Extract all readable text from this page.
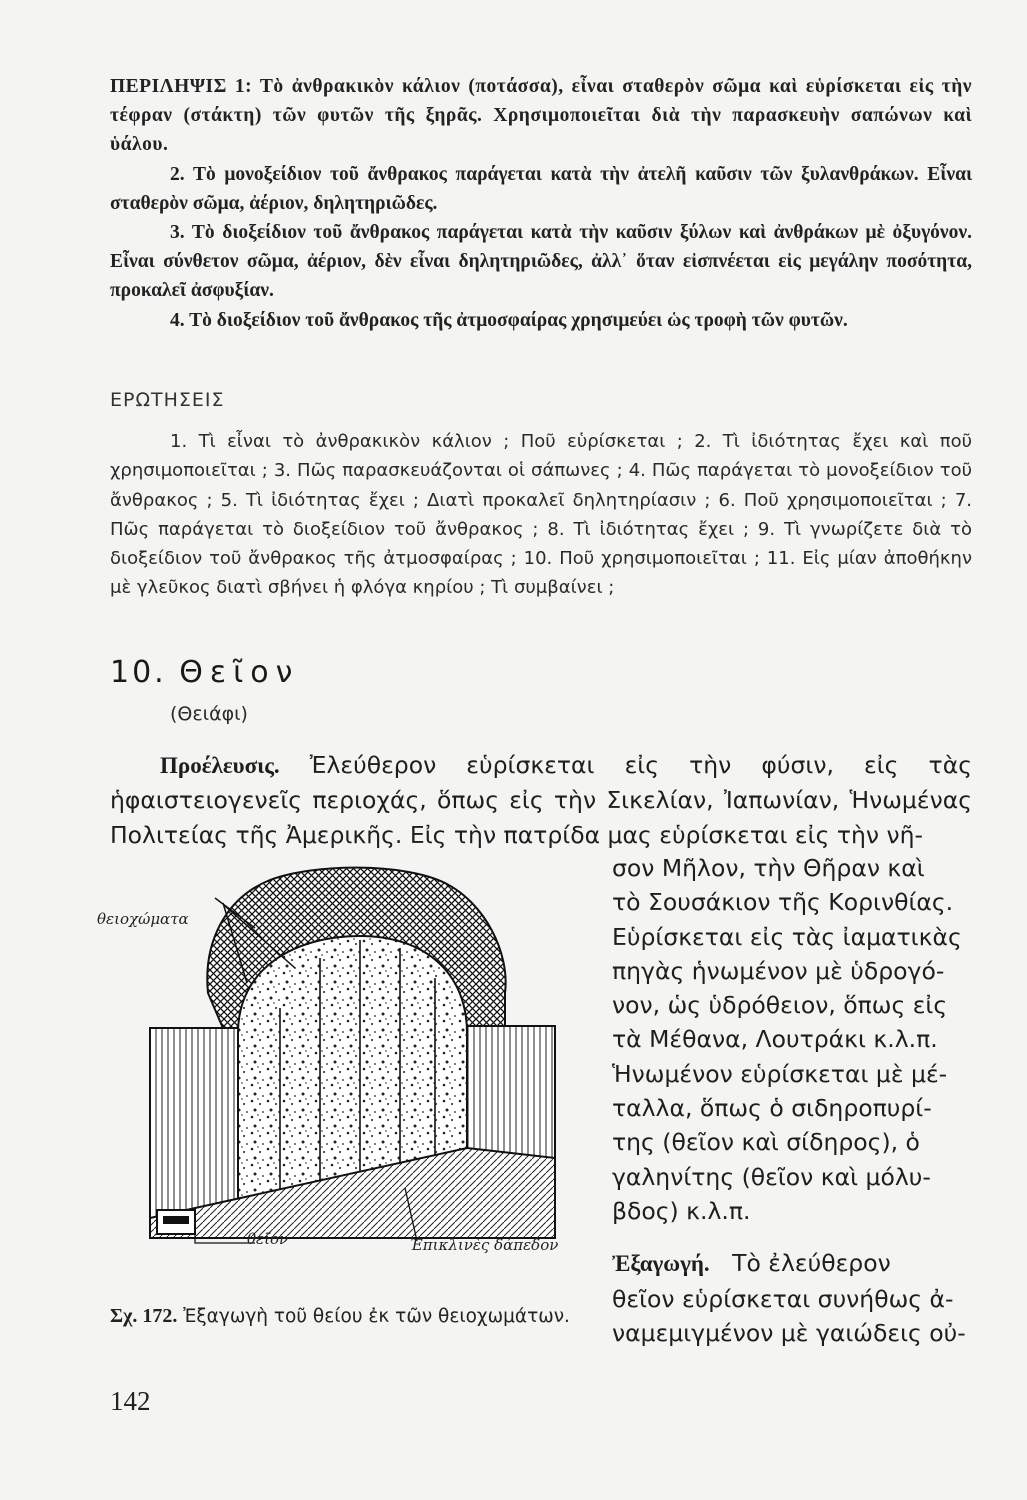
ΠΕΡΙΛΗΨΙΣ 1: Τὸ ἀνθρακικὸν κάλιον (ποτάσσα), εἶναι σταθερὸν σῶμα καὶ εὑρίσκεται εἰς τὴν τέφραν (στάκτη) τῶν φυτῶν τῆς ξηρᾶς. Χρησιμοποιεῖται διὰ τὴν παρασκευὴν σαπώνων καὶ ὑάλου.

2. Τὸ μονοξείδιον τοῦ ἄνθρακος παράγεται κατὰ τὴν ἀτελῆ καῦσιν τῶν ξυλανθράκων. Εἶναι σταθερὸν σῶμα, ἀέριον, δηλητηριῶδες.

3. Τὸ διοξείδιον τοῦ ἄνθρακος παράγεται κατὰ τὴν καῦσιν ξύλων καὶ ἀνθράκων μὲ ὀξυγόνον. Εἶναι σύνθετον σῶμα, ἀέριον, δὲν εἶναι δηλητηριῶδες, ἀλλ᾽ ὅταν εἰσπνέεται εἰς μεγάλην ποσότητα, προκαλεῖ ἀσφυξίαν.

4. Τὸ διοξείδιον τοῦ ἄνθρακος τῆς ἀτμοσφαίρας χρησιμεύει ὡς τροφὴ τῶν φυτῶν.

ΕΡΩΤΗΣΕΙΣ

1. Τὶ εἶναι τὸ ἀνθρακικὸν κάλιον ; Ποῦ εὑρίσκεται ; 2. Τὶ ἰδιότητας ἔχει καὶ ποῦ χρησιμοποιεῖται ; 3. Πῶς παρασκευάζονται οἱ σάπωνες ; 4. Πῶς παράγεται τὸ μονοξείδιον τοῦ ἄνθρακος ; 5. Τὶ ἰδιότητας ἔχει ; Διατὶ προκαλεῖ δηλητηρίασιν ; 6. Ποῦ χρησιμοποιεῖται ; 7. Πῶς παράγεται τὸ διοξείδιον τοῦ ἄνθρακος ; 8. Τὶ ἰδιότητας ἔχει ; 9. Τὶ γνωρίζετε διὰ τὸ διοξείδιον τοῦ ἄνθρακος τῆς ἀτμοσφαίρας ; 10. Ποῦ χρησιμοποιεῖται ; 11. Εἰς μίαν ἀποθήκην μὲ γλεῦκος διατὶ σβήνει ἡ φλόγα κηρίου ; Τὶ συμβαίνει ;

10. Θεῖον
(Θειάφι)

Προέλευσις. Ἐλεύθερον εὑρίσκεται εἰς τὴν φύσιν, εἰς τὰς ἡφαιστειογενεῖς περιοχάς, ὅπως εἰς τὴν Σικελίαν, Ἰαπωνίαν, Ἡνωμένας Πολιτείας τῆς Ἀμερικῆς. Εἰς τὴν πατρίδα μας εὑρίσκεται εἰς τὴν νῆ-

σον Μῆλον, τὴν Θῆραν καὶ
τὸ Σουσάκιον τῆς Κορινθίας.
Εὑρίσκεται εἰς τὰς ἰαματικὰς
πηγὰς ἡνωμένον μὲ ὑδρογό-
νον, ὡς ὑδρόθειον, ὅπως εἰς
τὰ Μέθανα, Λουτράκι κ.λ.π.
Ἡνωμένον εὑρίσκεται μὲ μέ-
ταλλα, ὅπως ὁ σιδηροπυρί-
της (θεῖον καὶ σίδηρος), ὁ
γαληνίτης (θεῖον καὶ μόλυ-
βδος) κ.λ.π.
Ἐξαγωγή. Τὸ ἐλεύθερον
θεῖον εὑρίσκεται συνήθως ἀ-
ναμεμιγμένον μὲ γαιώδεις οὐ-
θειοχώματα
θεῖον	Ἐπικλινὲς δάπεδον

Σχ. 172. Ἐξαγωγὴ τοῦ θείου ἐκ τῶν θειοχωμάτων.

142
